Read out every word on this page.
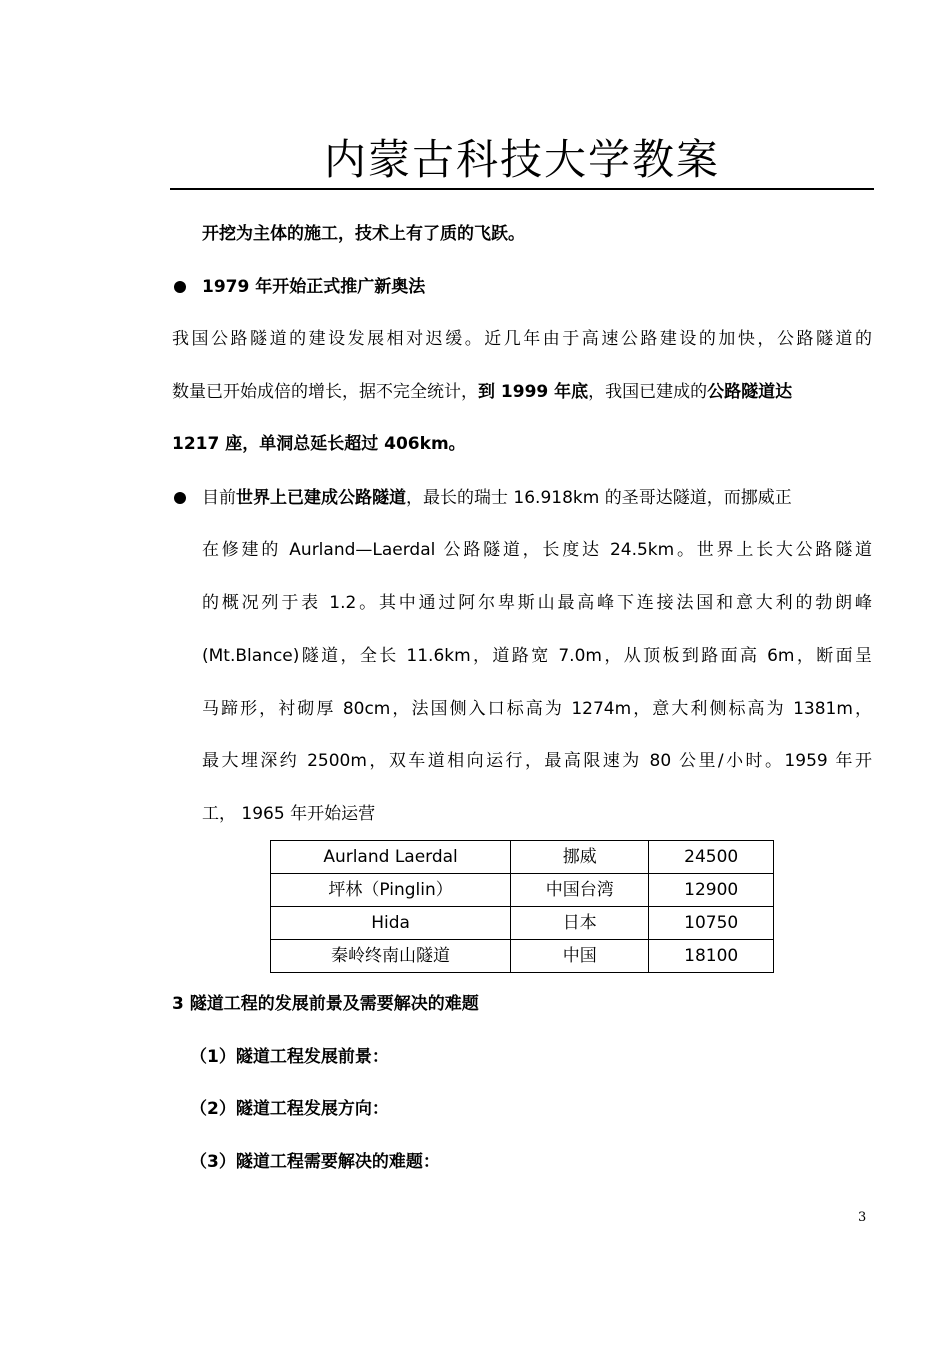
内蒙古科技大学教案
开挖为主体的施工，技术上有了质的飞跃。
1979 年开始正式推广新奥法
我国公路隧道的建设发展相对迟缓。近几年由于高速公路建设的加快，公路隧道的
数量已开始成倍的增长，据不完全统计，到 1999 年底，我国已建成的公路隧道达
1217 座，单洞总延长超过 406km。
目前世界上已建成公路隧道，最长的瑞士 16.918km 的圣哥达隧道，而挪威正
在修建的 Aurland—Laerdal 公路隧道，长度达 24.5km。世界上长大公路隧道
的概况列于表 1.2。其中通过阿尔卑斯山最高峰下连接法国和意大利的勃朗峰
(Mt.Blance)隧道，全长 11.6km，道路宽 7.0m，从顶板到路面高 6m，断面呈
马蹄形，衬砌厚 80cm，法国侧入口标高为 1274m，意大利侧标高为 1381m，
最大埋深约 2500m，双车道相向运行，最高限速为 80 公里/小时。1959 年开
工， 1965 年开始运营
Aurland Laerdal	挪威	24500
坪林（Pinglin）	中国台湾	12900
Hida	日本	10750
秦岭终南山隧道	中国	18100
3 隧道工程的发展前景及需要解决的难题
（1）隧道工程发展前景：
（2）隧道工程发展方向：
（3）隧道工程需要解决的难题：
3
